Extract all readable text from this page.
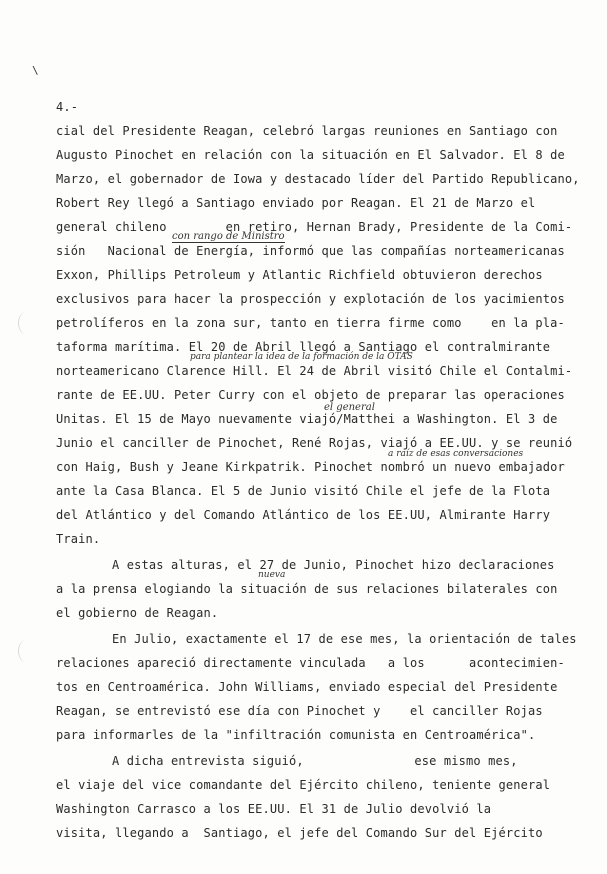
\
4.-
cial del Presidente Reagan, celebró largas reuniones en Santiago con
Augusto Pinochet en relación con la situación en El Salvador. El 8 de
Marzo, el gobernador de Iowa y destacado líder del Partido Republicano,
Robert Rey llegó a Santiago enviado por Reagan. El 21 de Marzo el
general chileno        en retiro, Hernan Brady, Presidente de la Comi-
sión   Nacional de Energía, informó que las compañías norteamericanas
Exxon, Phillips Petroleum y Atlantic Richfield obtuvieron derechos
exclusivos para hacer la prospección y explotación de los yacimientos
petrolíferos en la zona sur, tanto en tierra firme como    en la pla-
taforma marítima. El 20 de Abril llegó a Santiago el contralmirante
norteamericano Clarence Hill. El 24 de Abril visitó Chile el Contalmi-
rante de EE.UU. Peter Curry con el objeto de preparar las operaciones
Unitas. El 15 de Mayo nuevamente viajó/Matthei a Washington. El 3 de
Junio el canciller de Pinochet, René Rojas, viajó a EE.UU. y se reunió
con Haig, Bush y Jeane Kirkpatrik. Pinochet nombró un nuevo embajador
ante la Casa Blanca. El 5 de Junio visitó Chile el jefe de la Flota
del Atlántico y del Comando Atlántico de los EE.UU, Almirante Harry
Train.
A estas alturas, el 27 de Junio, Pinochet hizo declaraciones
a la prensa elogiando la situación de sus relaciones bilaterales con
el gobierno de Reagan.
En Julio, exactamente el 17 de ese mes, la orientación de tales
relaciones apareció directamente vinculada   a los      acontecimien-
tos en Centroamérica. John Williams, enviado especial del Presidente
Reagan, se entrevistó ese día con Pinochet y    el canciller Rojas
para informarles de la "infiltración comunista en Centroamérica".
A dicha entrevista siguió,               ese mismo mes,
el viaje del vice comandante del Ejército chileno, teniente general
Washington Carrasco a los EE.UU. El 31 de Julio devolvió la
visita, llegando a  Santiago, el jefe del Comando Sur del Ejército
con rango de Ministro
para plantear la idea de la formación de la OTAS
el general
a raíz de esas conversaciones
nueva
